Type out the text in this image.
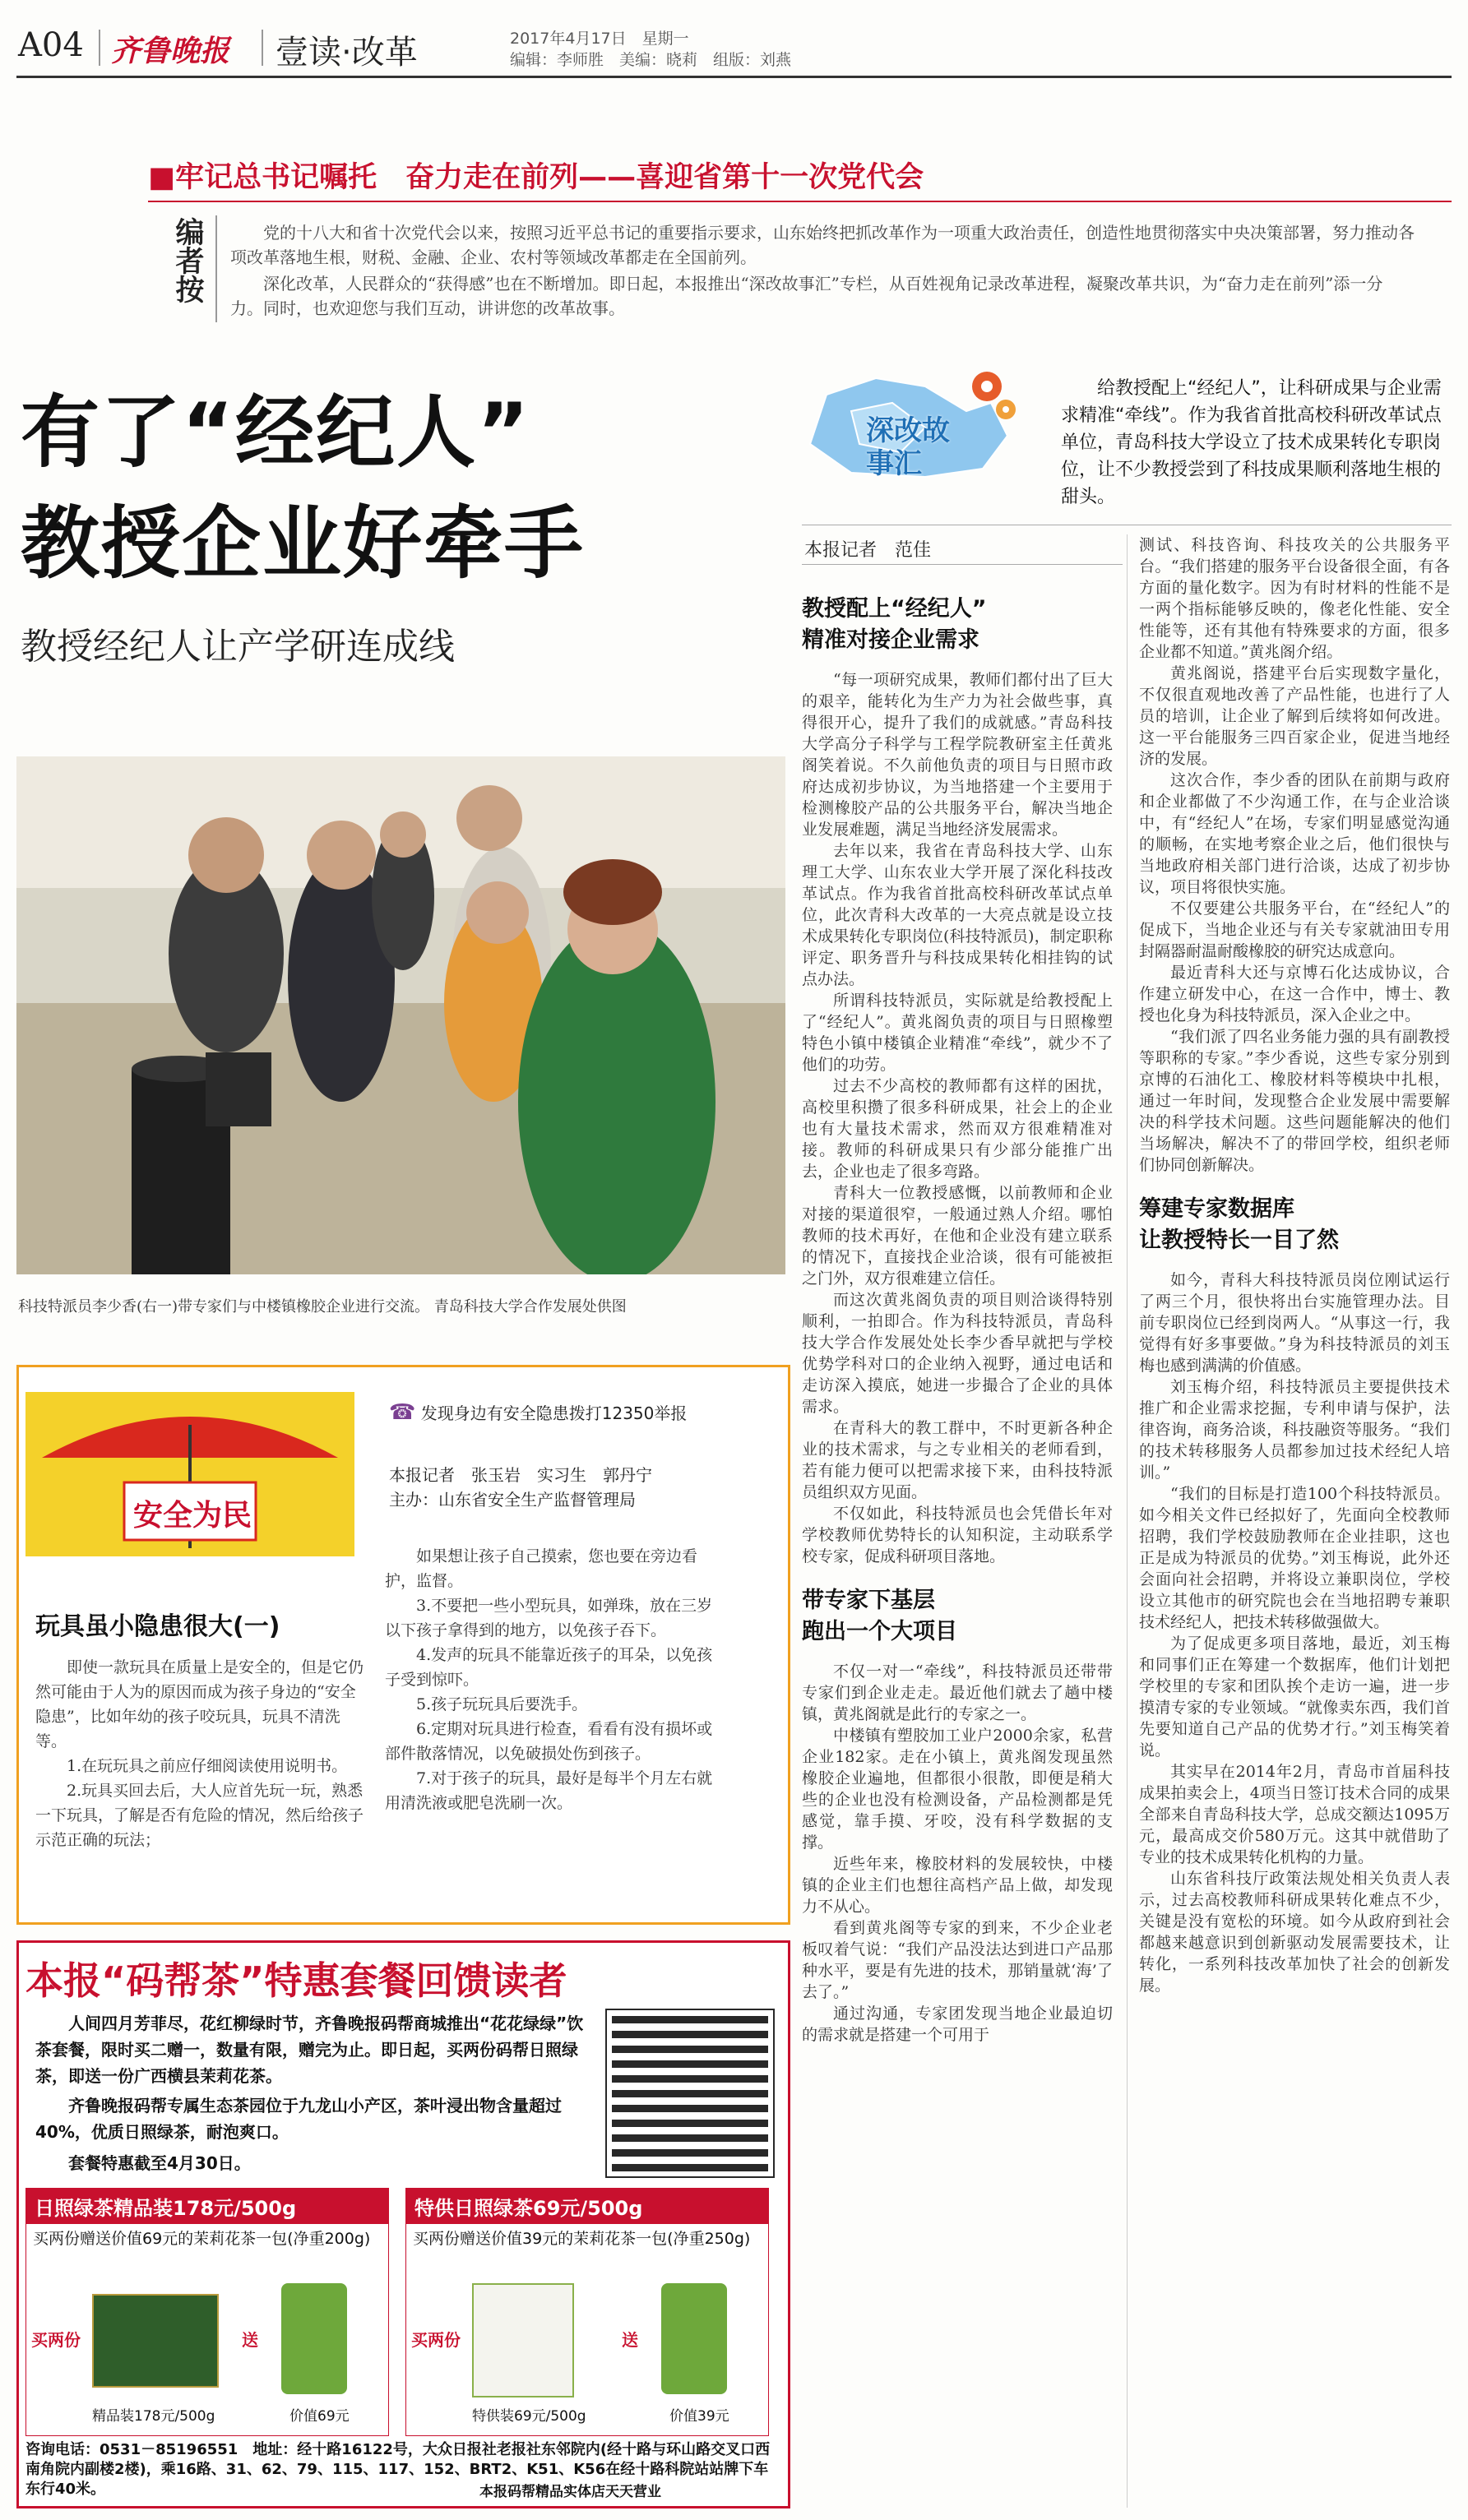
A04 齐鲁晚报 壹读·改革	2017年4月17日　 星期一
编辑：李师胜　美编：晓莉　组版：刘燕
■牢记总书记嘱托　奋力走在前列——喜迎省第十一次党代会
编者按	党的十八大和省十次党代会以来，按照习近平总书记的重要指示要求，山东始终把抓改革作为一项重大政治责任，创造性地贯彻落实中央决策部署，努力推动各项改革落地生根，财税、金融、企业、农村等领域改革都走在全国前列。

深化改革，人民群众的“获得感”也在不断增加。即日起，本报推出“深改故事汇”专栏，从百姓视角记录改革进程，凝聚改革共识，为“奋力走在前列”添一分力。同时，也欢迎您与我们互动，讲讲您的改革故事。

有了“经纪人”
教授企业好牵手
教授经纪人让产学研连成线
深改故事汇

给教授配上“经纪人”，让科研成果与企业需求精准“牵线”。作为我省首批高校科研改革试点单位，青岛科技大学设立了技术成果转化专职岗位，让不少教授尝到了科技成果顺利落地生根的甜头。

本报记者　范佳
科技特派员李少香(右一)带专家们与中楼镇橡胶企业进行交流。 青岛科技大学合作发展处供图
安全为民
☎ 发现身边有安全隐患拨打12350举报
本报记者　张玉岩　实习生　郭丹宁
主办：山东省安全生产监督管理局
玩具虽小隐患很大(一)

即使一款玩具在质量上是安全的，但是它仍然可能由于人为的原因而成为孩子身边的“安全隐患”，比如年幼的孩子咬玩具，玩具不清洗等。

1.在玩玩具之前应仔细阅读使用说明书。

2.玩具买回去后，大人应首先玩一玩，熟悉一下玩具，了解是否有危险的情况，然后给孩子示范正确的玩法；

如果想让孩子自己摸索，您也要在旁边看护，监督。

3.不要把一些小型玩具，如弹珠，放在三岁以下孩子拿得到的地方，以免孩子吞下。

4.发声的玩具不能靠近孩子的耳朵，以免孩子受到惊吓。

5.孩子玩玩具后要洗手。

6.定期对玩具进行检查，看看有没有损坏或部件散落情况，以免破损处伤到孩子。

7.对于孩子的玩具，最好是每半个月左右就用清洗液或肥皂洗刷一次。

本报“码帮茶”特惠套餐回馈读者

人间四月芳菲尽，花红柳绿时节，齐鲁晚报码帮商城推出“花花绿绿”饮茶套餐，限时买二赠一，数量有限，赠完为止。即日起，买两份码帮日照绿茶，即送一份广西横县茉莉花茶。

齐鲁晚报码帮专属生态茶园位于九龙山小产区，茶叶浸出物含量超过40%，优质日照绿茶，耐泡爽口。

套餐特惠截至4月30日。
日照绿茶精品装178元/500g

买两份赠送价值69元的茉莉花茶一包(净重200g)

买两份	送
精品装178元/500g	价值69元
特供日照绿茶69元/500g

买两份赠送价值39元的茉莉花茶一包(净重250g)

买两份	送
特供装69元/500g	价值39元

咨询电话：0531－85196551　地址：经十路16122号，大众日报社老报社东邻院内(经十路与环山路交叉口西南角院内副楼2楼)，乘16路、31、62、79、115、117、152、BRT2、K51、K56在经十路科院站站牌下车东行40米。	本报码帮精品实体店天天营业
教授配上“经纪人”
精准对接企业需求

“每一项研究成果，教师们都付出了巨大的艰辛，能转化为生产力为社会做些事，真得很开心，提升了我们的成就感。”青岛科技大学高分子科学与工程学院教研室主任黄兆阁笑着说。不久前他负责的项目与日照市政府达成初步协议，为当地搭建一个主要用于检测橡胶产品的公共服务平台，解决当地企业发展难题，满足当地经济发展需求。

去年以来，我省在青岛科技大学、山东理工大学、山东农业大学开展了深化科技改革试点。作为我省首批高校科研改革试点单位，此次青科大改革的一大亮点就是设立技术成果转化专职岗位(科技特派员)，制定职称评定、职务晋升与科技成果转化相挂钩的试点办法。

所谓科技特派员，实际就是给教授配上了“经纪人”。黄兆阁负责的项目与日照橡塑特色小镇中楼镇企业精准“牵线”，就少不了他们的功劳。

过去不少高校的教师都有这样的困扰，高校里积攒了很多科研成果，社会上的企业也有大量技术需求，然而双方很难精准对接。教师的科研成果只有少部分能推广出去，企业也走了很多弯路。

青科大一位教授感慨，以前教师和企业对接的渠道很窄，一般通过熟人介绍。哪怕教师的技术再好，在他和企业没有建立联系的情况下，直接找企业洽谈，很有可能被拒之门外，双方很难建立信任。

而这次黄兆阁负责的项目则洽谈得特别顺利，一拍即合。作为科技特派员，青岛科技大学合作发展处处长李少香早就把与学校优势学科对口的企业纳入视野，通过电话和走访深入摸底，她进一步撮合了企业的具体需求。

在青科大的教工群中，不时更新各种企业的技术需求，与之专业相关的老师看到，若有能力便可以把需求接下来，由科技特派员组织双方见面。

不仅如此，科技特派员也会凭借长年对学校教师优势特长的认知积淀，主动联系学校专家，促成科研项目落地。

带专家下基层
跑出一个大项目

不仅一对一“牵线”，科技特派员还带带专家们到企业走走。最近他们就去了趟中楼镇，黄兆阁就是此行的专家之一。

中楼镇有塑胶加工业户2000余家，私营企业182家。走在小镇上，黄兆阁发现虽然橡胶企业遍地，但都很小很散，即便是稍大些的企业也没有检测设备，产品检测都是凭感觉，靠手摸、牙咬，没有科学数据的支撑。

近些年来，橡胶材料的发展较快，中楼镇的企业主们也想往高档产品上做，却发现力不从心。

看到黄兆阁等专家的到来，不少企业老板叹着气说：“我们产品没法达到进口产品那种水平，要是有先进的技术，那销量就‘海’了去了。”

通过沟通，专家团发现当地企业最迫切的需求就是搭建一个可用于

测试、科技咨询、科技攻关的公共服务平台。“我们搭建的服务平台设备很全面，有各方面的量化数字。因为有时材料的性能不是一两个指标能够反映的，像老化性能、安全性能等，还有其他有特殊要求的方面，很多企业都不知道。”黄兆阁介绍。

黄兆阁说，搭建平台后实现数字量化，不仅很直观地改善了产品性能，也进行了人员的培训，让企业了解到后续将如何改进。这一平台能服务三四百家企业，促进当地经济的发展。

这次合作，李少香的团队在前期与政府和企业都做了不少沟通工作，在与企业洽谈中，有“经纪人”在场，专家们明显感觉沟通的顺畅，在实地考察企业之后，他们很快与当地政府相关部门进行洽谈，达成了初步协议，项目将很快实施。

不仅要建公共服务平台，在“经纪人”的促成下，当地企业还与有关专家就油田专用封隔器耐温耐酸橡胶的研究达成意向。

最近青科大还与京博石化达成协议，合作建立研发中心，在这一合作中，博士、教授也化身为科技特派员，深入企业之中。

“我们派了四名业务能力强的具有副教授等职称的专家。”李少香说，这些专家分别到京博的石油化工、橡胶材料等模块中扎根，通过一年时间，发现整合企业发展中需要解决的科学技术问题。这些问题能解决的他们当场解决，解决不了的带回学校，组织老师们协同创新解决。

筹建专家数据库
让教授特长一目了然

如今，青科大科技特派员岗位刚试运行了两三个月，很快将出台实施管理办法。目前专职岗位已经到岗两人。“从事这一行，我觉得有好多事要做。”身为科技特派员的刘玉梅也感到满满的价值感。

刘玉梅介绍，科技特派员主要提供技术推广和企业需求挖掘，专利申请与保护，法律咨询，商务洽谈，科技融资等服务。“我们的技术转移服务人员都参加过技术经纪人培训。”

“我们的目标是打造100个科技特派员。如今相关文件已经拟好了，先面向全校教师招聘，我们学校鼓励教师在企业挂职，这也正是成为特派员的优势。”刘玉梅说，此外还会面向社会招聘，并将设立兼职岗位，学校设立其他市的研究院也会在当地招聘专兼职技术经纪人，把技术转移做强做大。

为了促成更多项目落地，最近，刘玉梅和同事们正在筹建一个数据库，他们计划把学校里的专家和团队挨个走访一遍，进一步摸清专家的专业领域。“就像卖东西，我们首先要知道自己产品的优势才行。”刘玉梅笑着说。

其实早在2014年2月，青岛市首届科技成果拍卖会上，4项当日签订技术合同的成果全部来自青岛科技大学，总成交额达1095万元，最高成交价580万元。这其中就借助了专业的技术成果转化机构的力量。

山东省科技厅政策法规处相关负责人表示，过去高校教师科研成果转化难点不少，关键是没有宽松的环境。如今从政府到社会都越来越意识到创新驱动发展需要技术，让转化，一系列科技改革加快了社会的创新发展。
